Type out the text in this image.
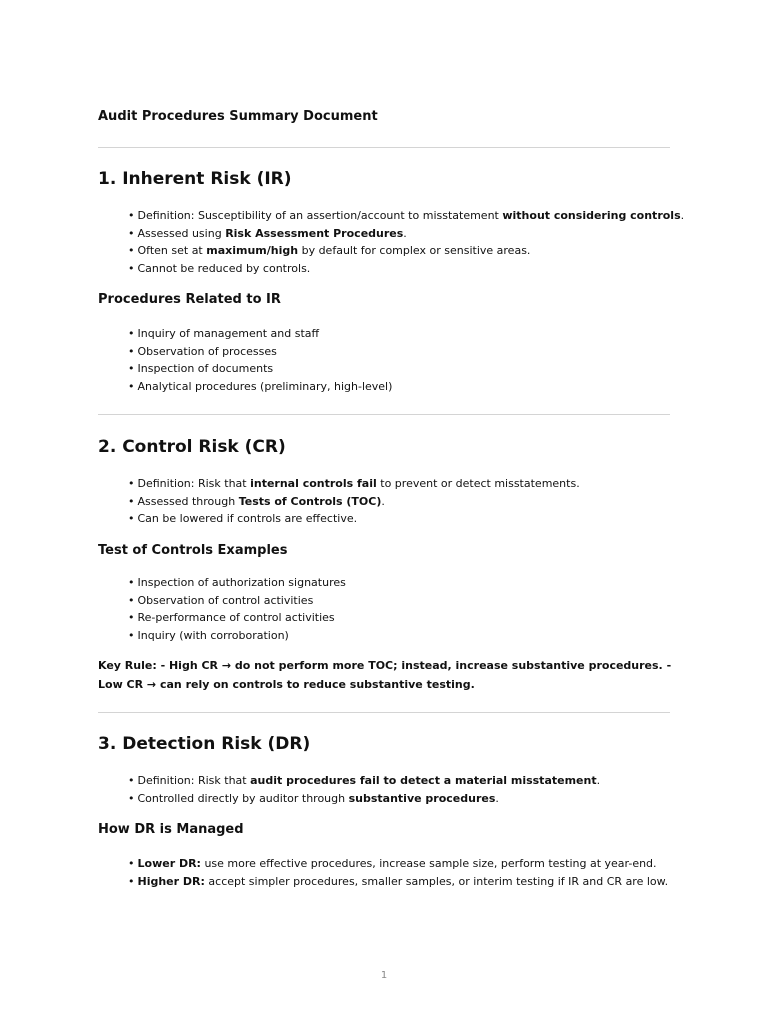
Audit Procedures Summary Document

1. Inherent Risk (IR)
• Definition: Susceptibility of an assertion/account to misstatement without considering controls.
• Assessed using Risk Assessment Procedures.
• Often set at maximum/high by default for complex or sensitive areas.
• Cannot be reduced by controls.
Procedures Related to IR
• Inquiry of management and staff
• Observation of processes
• Inspection of documents
• Analytical procedures (preliminary, high-level)
2. Control Risk (CR)
• Definition: Risk that internal controls fail to prevent or detect misstatements.
• Assessed through Tests of Controls (TOC).
• Can be lowered if controls are effective.
Test of Controls Examples
• Inspection of authorization signatures
• Observation of control activities
• Re-performance of control activities
• Inquiry (with corroboration)

Key Rule: - High CR → do not perform more TOC; instead, increase substantive procedures. - Low CR → can rely on controls to reduce substantive testing.

3. Detection Risk (DR)
• Definition: Risk that audit procedures fail to detect a material misstatement.
• Controlled directly by auditor through substantive procedures.
How DR is Managed
• Lower DR: use more effective procedures, increase sample size, perform testing at year-end.
• Higher DR: accept simpler procedures, smaller samples, or interim testing if IR and CR are low.
1
